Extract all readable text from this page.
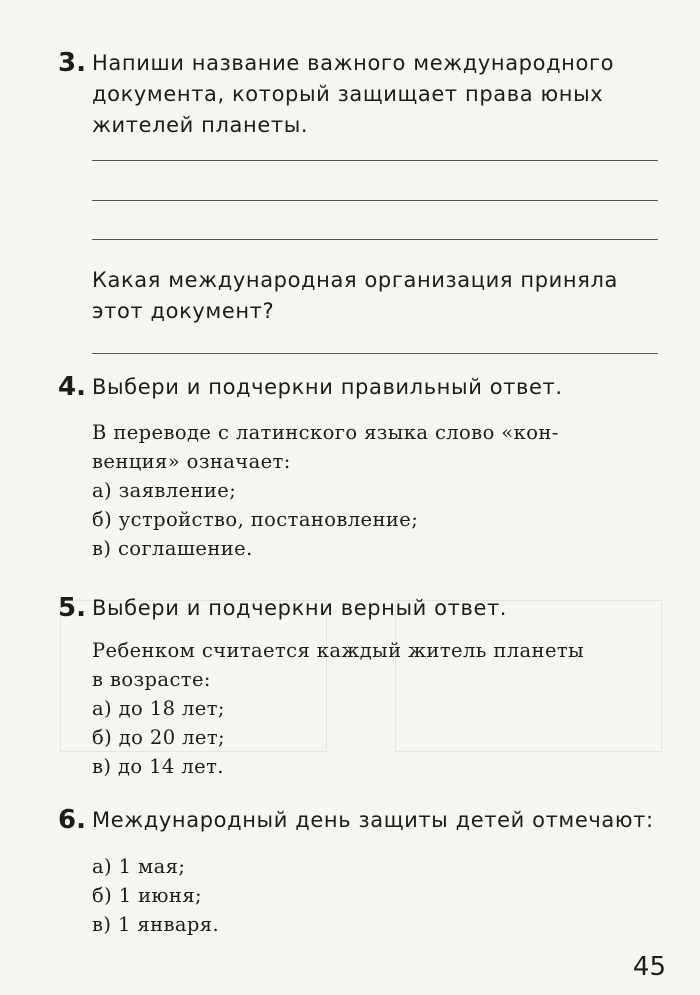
3. Напиши название важного международного
документа, который защищает права юных
жителей планеты.
Какая международная организация приняла
этот документ?
4. Выбери и подчеркни правильный ответ.
В переводе с латинского языка слово «кон-
венция» означает:
а) заявление;
б) устройство, постановление;
в) соглашение.
5. Выбери и подчеркни верный ответ.
Ребенком считается каждый житель планеты
в возрасте:
а) до 18 лет;
б) до 20 лет;
в) до 14 лет.
6. Международный день защиты детей отмечают:
а) 1 мая;
б) 1 июня;
в) 1 января.
45
